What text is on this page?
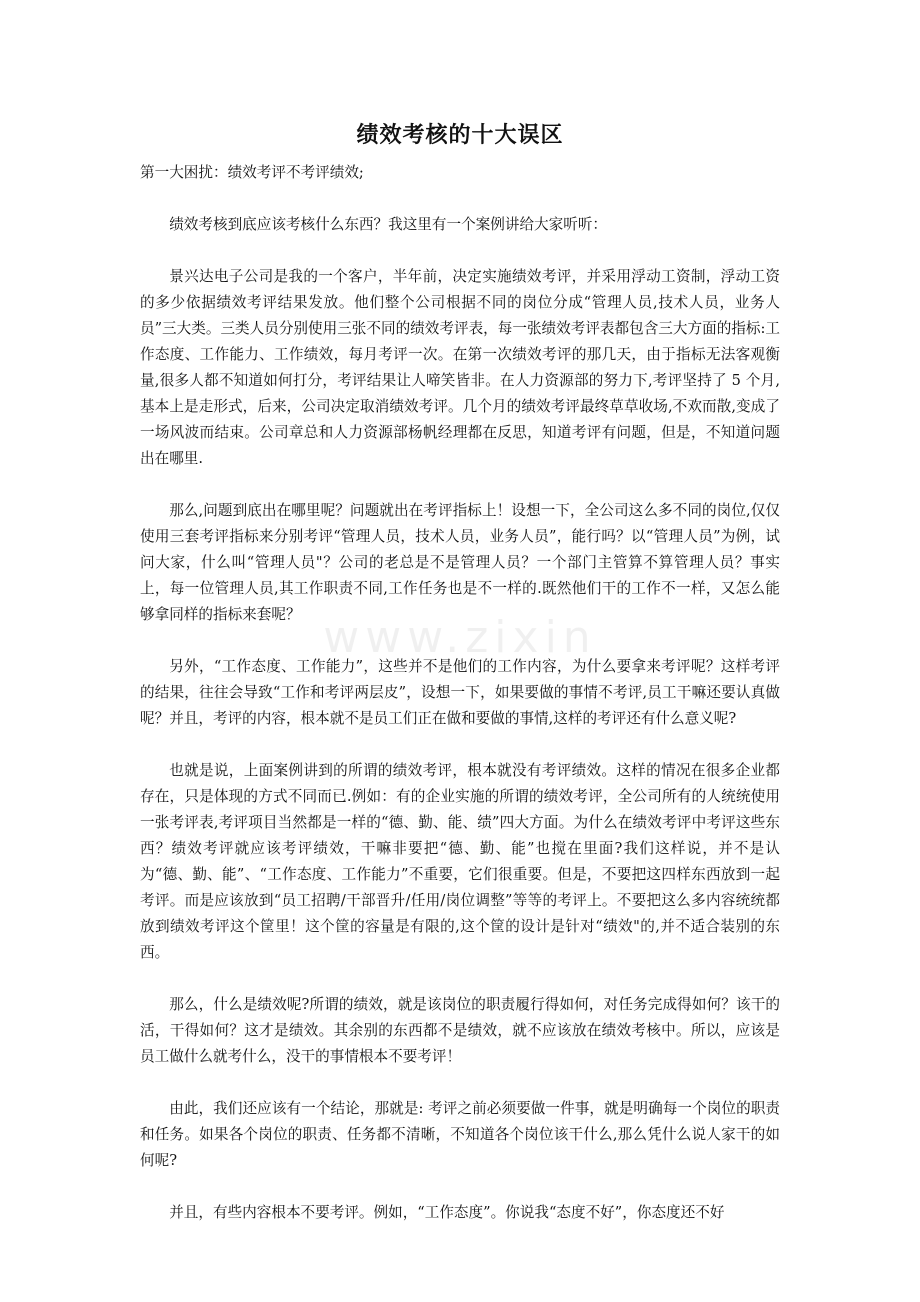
www.zixin
绩效考核的十大误区

第一大困扰：绩效考评不考评绩效;

绩效考核到底应该考核什么东西？我这里有一个案例讲给大家听听：

景兴达电子公司是我的一个客户，半年前，决定实施绩效考评，并采用浮动工资制，浮动工资的多少依据绩效考评结果发放。他们整个公司根据不同的岗位分成“管理人员,技术人员，业务人员”三大类。三类人员分别使用三张不同的绩效考评表，每一张绩效考评表都包含三大方面的指标:工作态度、工作能力、工作绩效，每月考评一次。在第一次绩效考评的那几天，由于指标无法客观衡量,很多人都不知道如何打分，考评结果让人啼笑皆非。在人力资源部的努力下,考评坚持了 5 个月,基本上是走形式，后来，公司决定取消绩效考评。几个月的绩效考评最终草草收场,不欢而散,变成了一场风波而结束。公司章总和人力资源部杨帆经理都在反思，知道考评有问题，但是，不知道问题出在哪里.

那么,问题到底出在哪里呢？问题就出在考评指标上！设想一下，全公司这么多不同的岗位,仅仅使用三套考评指标来分别考评“管理人员，技术人员，业务人员”，能行吗？以“管理人员”为例，试问大家，什么叫“管理人员"？公司的老总是不是管理人员？一个部门主管算不算管理人员？事实上，每一位管理人员,其工作职责不同,工作任务也是不一样的.既然他们干的工作不一样，又怎么能够拿同样的指标来套呢？

另外，“工作态度、工作能力”，这些并不是他们的工作内容，为什么要拿来考评呢？这样考评的结果，往往会导致“工作和考评两层皮”，设想一下，如果要做的事情不考评,员工干嘛还要认真做呢？并且，考评的内容，根本就不是员工们正在做和要做的事情,这样的考评还有什么意义呢?

也就是说，上面案例讲到的所谓的绩效考评，根本就没有考评绩效。这样的情况在很多企业都存在，只是体现的方式不同而已.例如：有的企业实施的所谓的绩效考评，全公司所有的人统统使用一张考评表,考评项目当然都是一样的“德、勤、能、绩”四大方面。为什么在绩效考评中考评这些东西？绩效考评就应该考评绩效，干嘛非要把“德、勤、能”也搅在里面?我们这样说，并不是认为“德、勤、能”、“工作态度、工作能力”不重要，它们很重要。但是，不要把这四样东西放到一起考评。而是应该放到“员工招聘/干部晋升/任用/岗位调整”等等的考评上。不要把这么多内容统统都放到绩效考评这个筐里！这个筐的容量是有限的,这个筐的设计是针对“绩效"的,并不适合装别的东西。

那么，什么是绩效呢?所谓的绩效，就是该岗位的职责履行得如何，对任务完成得如何？该干的活，干得如何？这才是绩效。其余别的东西都不是绩效，就不应该放在绩效考核中。所以，应该是员工做什么就考什么，没干的事情根本不要考评！

由此，我们还应该有一个结论，那就是: 考评之前必须要做一件事，就是明确每一个岗位的职责和任务。如果各个岗位的职责、任务都不清晰，不知道各个岗位该干什么,那么凭什么说人家干的如何呢?

并且，有些内容根本不要考评。例如，“工作态度”。你说我“态度不好”，你态度还不好
